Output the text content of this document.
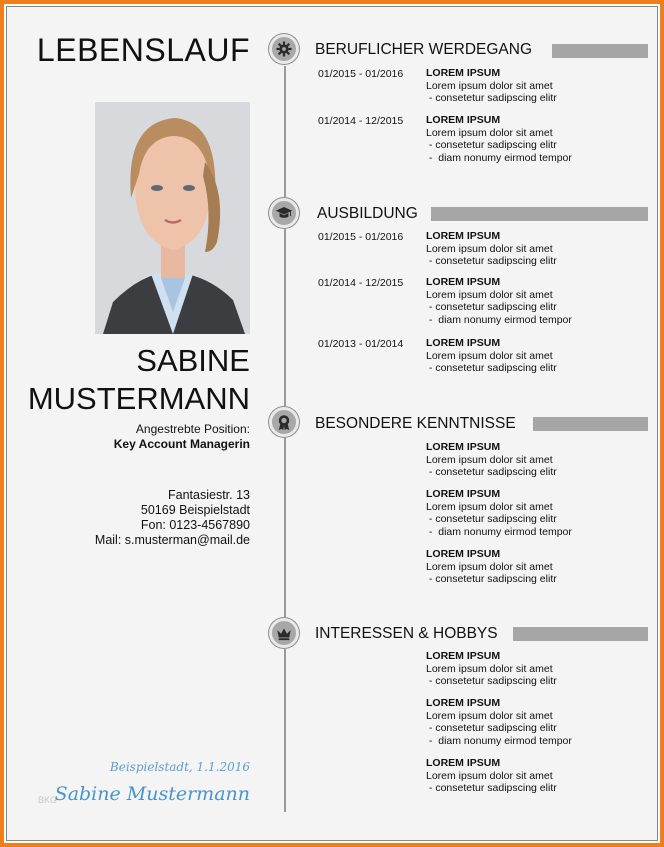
LEBENSLAUF
SABINE
MUSTERMANN
Angestrebte Position:
Key Account Managerin
Fantasiestr. 13
50169 Beispielstadt
Fon: 0123-4567890
Mail: s.musterman@mail.de
Beispielstadt, 1.1.2016
Sabine Mustermann
BKG
BERUFLICHER WERDEGANG
01/2015 - 01/2016 LOREM IPSUM
Lorem ipsum dolor sit amet
- consetetur sadipscing elitr
01/2014 - 12/2015 LOREM IPSUM
Lorem ipsum dolor sit amet
- consetetur sadipscing elitr
-  diam nonumy eirmod tempor
AUSBILDUNG
01/2015 - 01/2016 LOREM IPSUM
Lorem ipsum dolor sit amet
- consetetur sadipscing elitr
01/2014 - 12/2015 LOREM IPSUM
Lorem ipsum dolor sit amet
- consetetur sadipscing elitr
-  diam nonumy eirmod tempor
01/2013 - 01/2014 LOREM IPSUM
Lorem ipsum dolor sit amet
- consetetur sadipscing elitr
BESONDERE KENNTNISSE
LOREM IPSUM
Lorem ipsum dolor sit amet
- consetetur sadipscing elitr
LOREM IPSUM
Lorem ipsum dolor sit amet
- consetetur sadipscing elitr
-  diam nonumy eirmod tempor
LOREM IPSUM
Lorem ipsum dolor sit amet
- consetetur sadipscing elitr
INTERESSEN & HOBBYS
LOREM IPSUM
Lorem ipsum dolor sit amet
- consetetur sadipscing elitr
LOREM IPSUM
Lorem ipsum dolor sit amet
- consetetur sadipscing elitr
-  diam nonumy eirmod tempor
LOREM IPSUM
Lorem ipsum dolor sit amet
- consetetur sadipscing elitr
